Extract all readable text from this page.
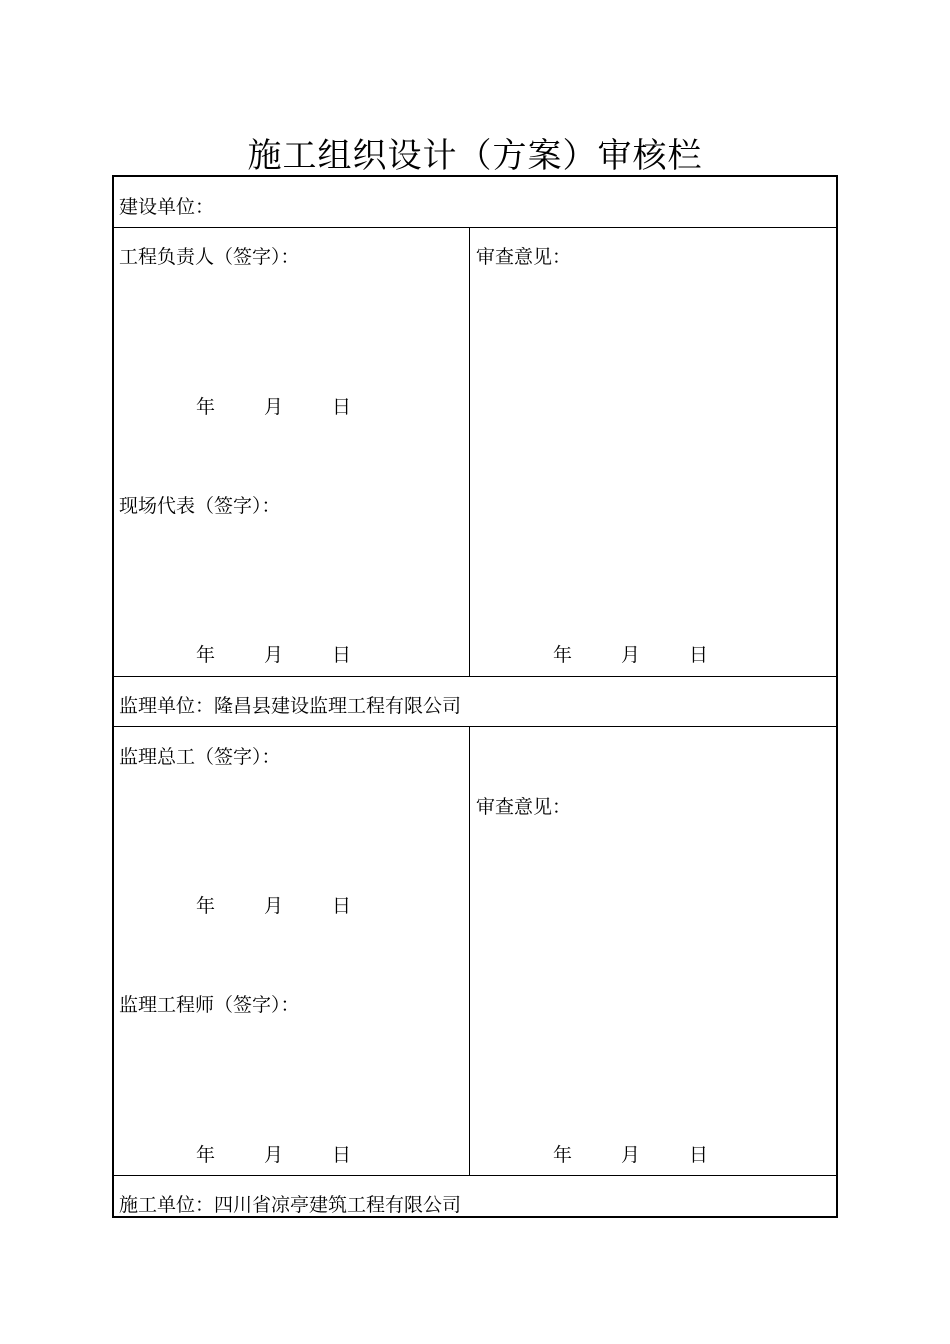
施工组织设计（方案）审核栏
建设单位：
工程负责人（签字）：
年	月	日
现场代表（签字）：
年	月	日
审查意见：
年	月	日
监理单位：隆昌县建设监理工程有限公司
监理总工（签字）：
年	月	日
监理工程师（签字）：
年	月	日
审查意见：
年	月	日
施工单位：四川省凉亭建筑工程有限公司
